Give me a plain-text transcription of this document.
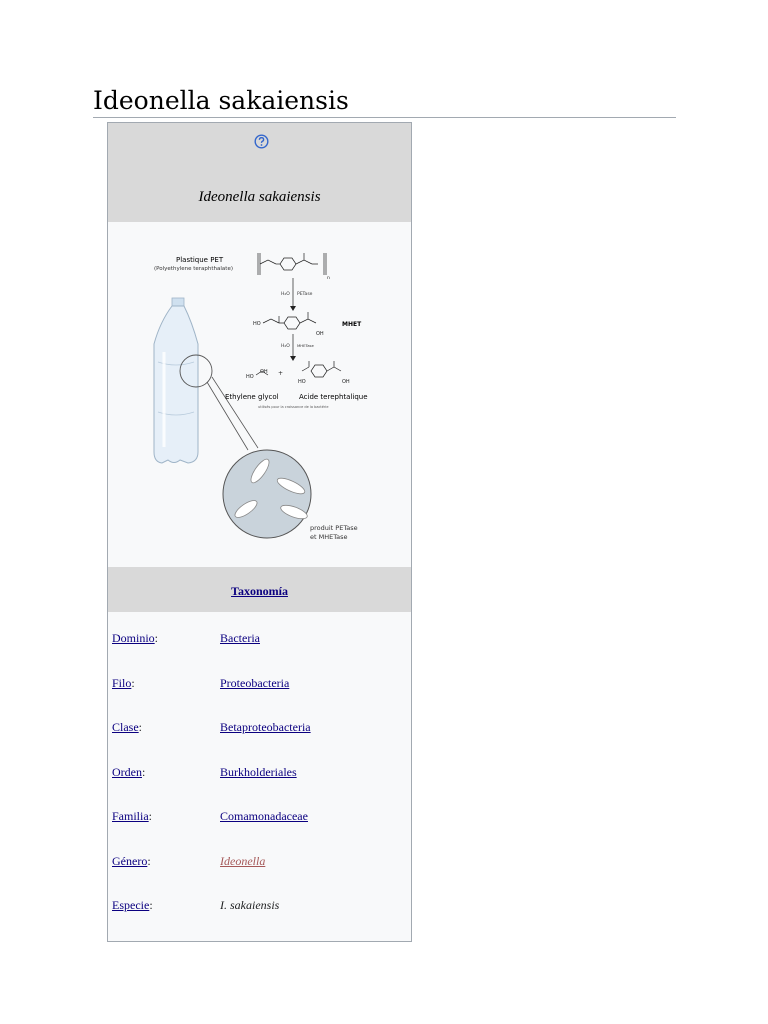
Ideonella sakaiensis
Ideonella sakaiensis
produit PETase
et MHETase
Plastique PET
(Polyethylene teraphthalate)
n
H₂O PETase
HO
OH
MHET
H₂O MHETase
HO
OH +
HO	OH
Ethylene glycol	Acide terephtalique
utilisés pour la croissance de la bactérie
Taxonomía
Dominio:	Bacteria
Filo:	Proteobacteria
Clase:	Betaproteobacteria
Orden:	Burkholderiales
Familia:	Comamonadaceae
Género:	Ideonella
Especie:	I. sakaiensis
